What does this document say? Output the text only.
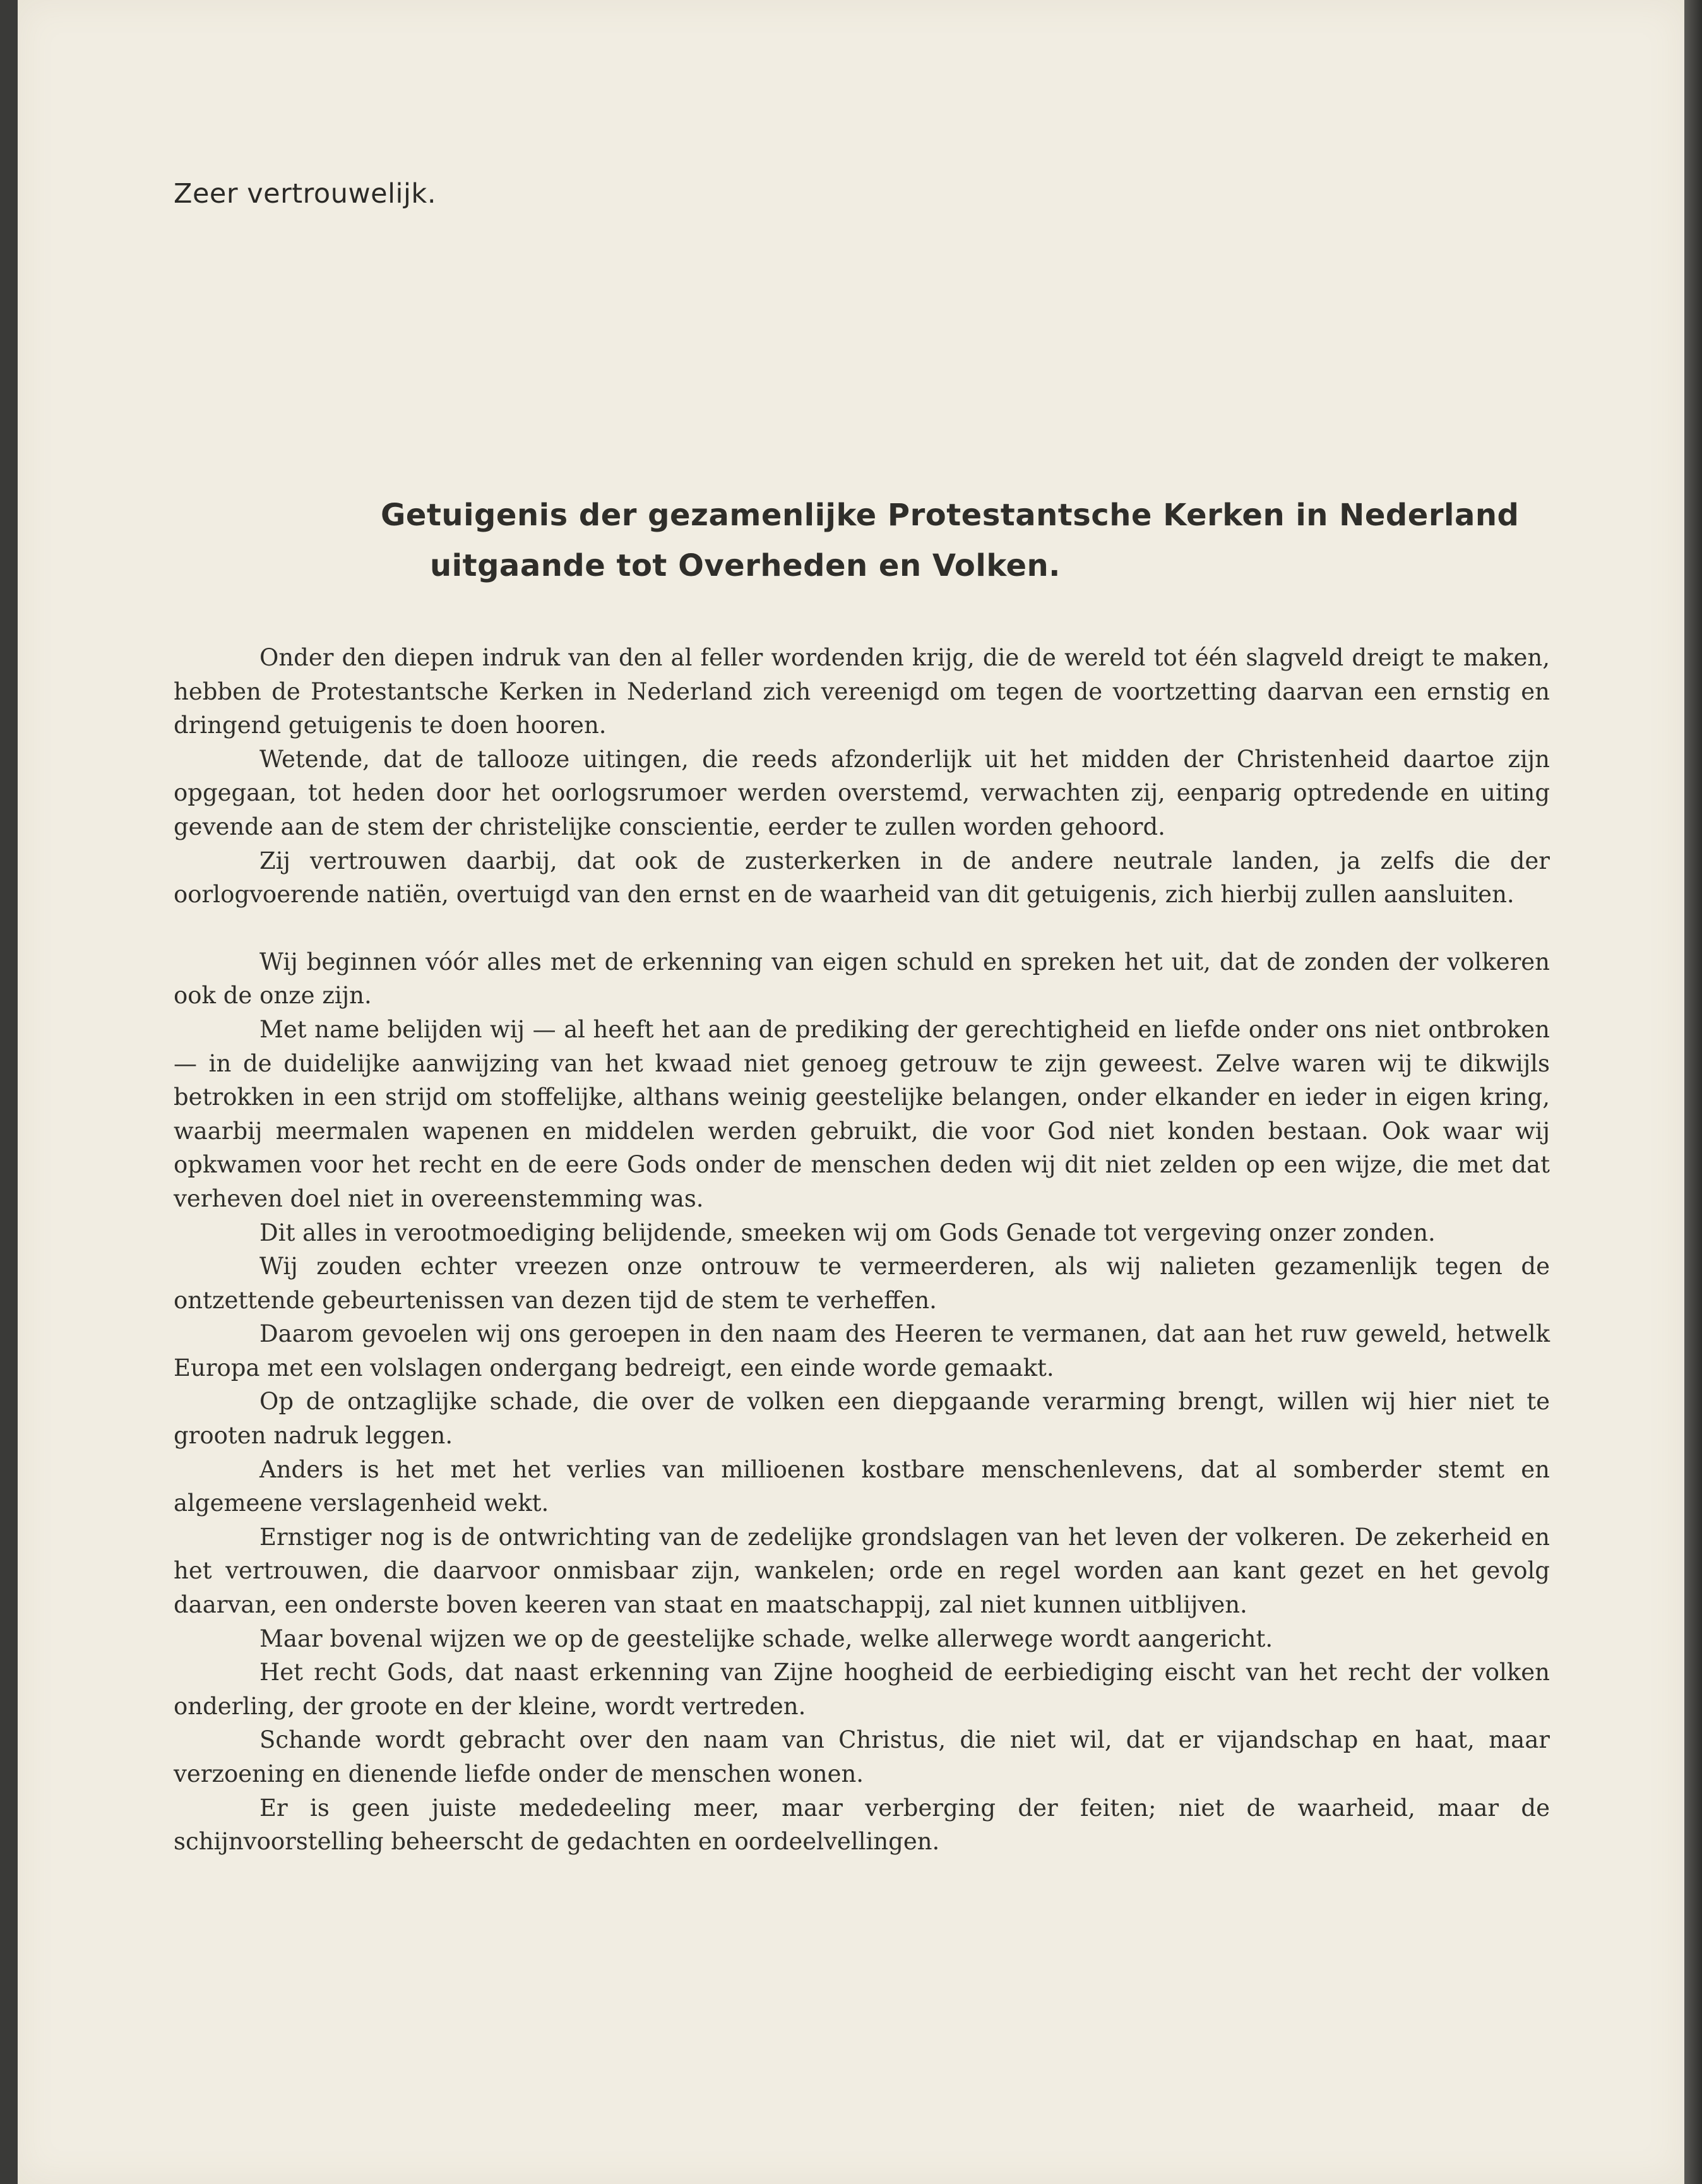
Zeer vertrouwelijk.
Getuigenis der gezamenlijke Protestantsche Kerken in Nederland
uitgaande tot Overheden en Volken.

Onder den diepen indruk van den al feller wordenden krijg, die de wereld tot één slagveld dreigt te maken, hebben de Protestantsche Kerken in Nederland zich vereenigd om tegen de voortzetting daarvan een ernstig en dringend getuigenis te doen hooren.

Wetende, dat de tallooze uitingen, die reeds afzonderlijk uit het midden der Christenheid daartoe zijn opgegaan, tot heden door het oorlogsrumoer werden overstemd, verwachten zij, eenparig optredende en uiting gevende aan de stem der christelijke conscientie, eerder te zullen worden gehoord.

Zij vertrouwen daarbij, dat ook de zusterkerken in de andere neutrale landen, ja zelfs die der oorlogvoerende natiën, overtuigd van den ernst en de waarheid van dit getuigenis, zich hierbij zullen aansluiten.

Wij beginnen vóór alles met de erkenning van eigen schuld en spreken het uit, dat de zonden der volkeren ook de onze zijn.

Met name belijden wij — al heeft het aan de prediking der gerechtigheid en liefde onder ons niet ontbroken — in de duidelijke aanwijzing van het kwaad niet genoeg getrouw te zijn geweest. Zelve waren wij te dikwijls betrokken in een strijd om stoffelijke, althans weinig geestelijke belangen, onder elkander en ieder in eigen kring, waarbij meermalen wapenen en middelen werden gebruikt, die voor God niet konden bestaan. Ook waar wij opkwamen voor het recht en de eere Gods onder de menschen deden wij dit niet zelden op een wijze, die met dat verheven doel niet in overeenstemming was.

Dit alles in verootmoediging belijdende, smeeken wij om Gods Genade tot vergeving onzer zonden.

Wij zouden echter vreezen onze ontrouw te vermeerderen, als wij nalieten gezamenlijk tegen de ontzettende gebeurtenissen van dezen tijd de stem te verheffen.

Daarom gevoelen wij ons geroepen in den naam des Heeren te vermanen, dat aan het ruw geweld, hetwelk Europa met een volslagen ondergang bedreigt, een einde worde gemaakt.

Op de ontzaglijke schade, die over de volken een diepgaande verarming brengt, willen wij hier niet te grooten nadruk leggen.

Anders is het met het verlies van millioenen kostbare menschenlevens, dat al somberder stemt en algemeene verslagenheid wekt.

Ernstiger nog is de ontwrichting van de zedelijke grondslagen van het leven der volkeren. De zekerheid en het vertrouwen, die daarvoor onmisbaar zijn, wankelen; orde en regel worden aan kant gezet en het gevolg daarvan, een onderste boven keeren van staat en maatschappij, zal niet kunnen uitblijven.

Maar bovenal wijzen we op de geestelijke schade, welke allerwege wordt aangericht.

Het recht Gods, dat naast erkenning van Zijne hoogheid de eerbiediging eischt van het recht der volken onderling, der groote en der kleine, wordt vertreden.

Schande wordt gebracht over den naam van Christus, die niet wil, dat er vijandschap en haat, maar verzoening en dienende liefde onder de menschen wonen.

Er is geen juiste mededeeling meer, maar verberging der feiten; niet de waarheid, maar de schijnvoorstelling beheerscht de gedachten en oordeelvellingen.
